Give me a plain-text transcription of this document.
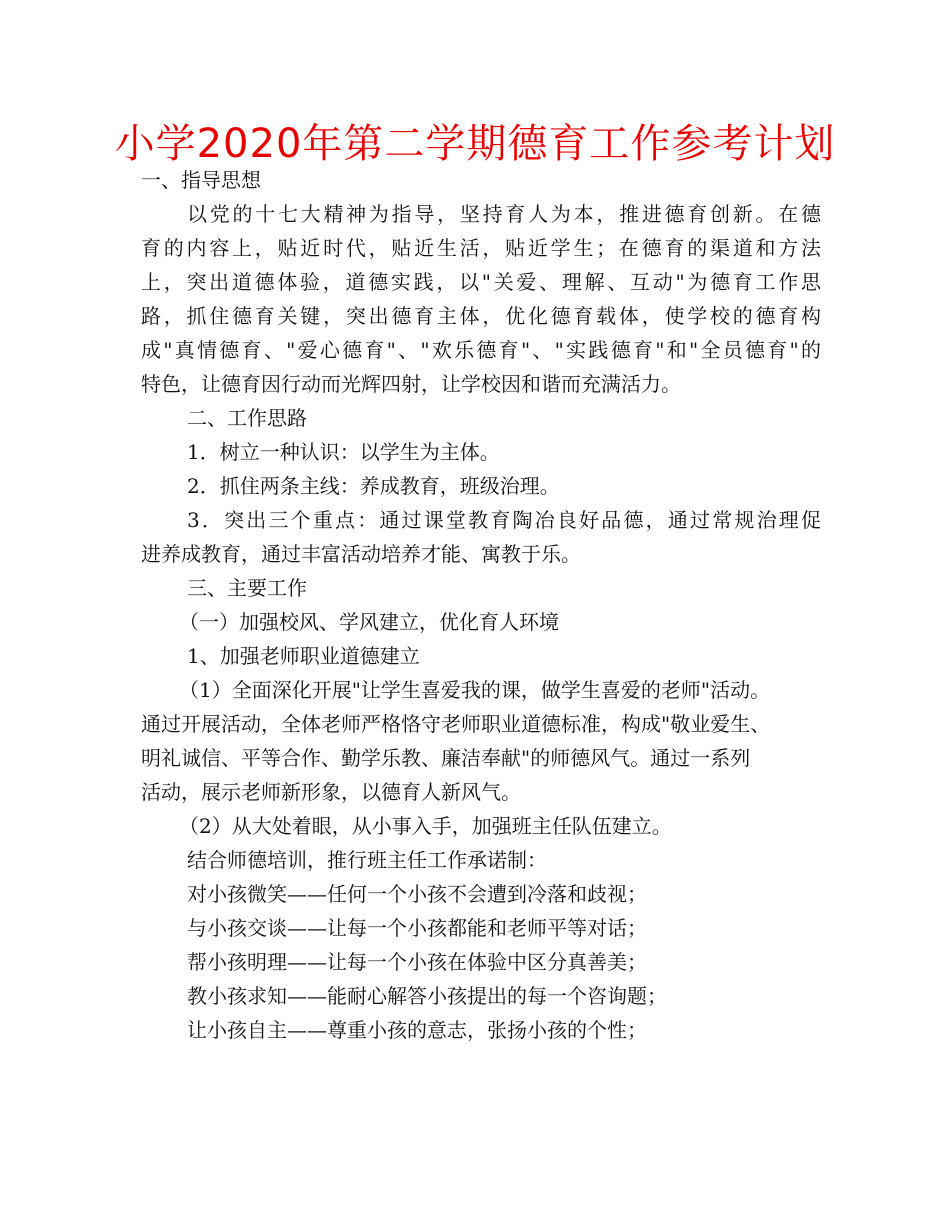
小学2020年第二学期德育工作参考计划
一、指导思想
以党的十七大精神为指导，坚持育人为本，推进德育创新。在德
育的内容上，贴近时代，贴近生活，贴近学生；在德育的渠道和方法
上，突出道德体验，道德实践，以"关爱、理解、互动"为德育工作思
路，抓住德育关键，突出德育主体，优化德育载体，使学校的德育构
成"真情德育、"爱心德育"、"欢乐德育"、"实践德育"和"全员德育"的
特色，让德育因行动而光辉四射，让学校因和谐而充满活力。
二、工作思路
1．树立一种认识：以学生为主体。
2．抓住两条主线：养成教育，班级治理。
3．突出三个重点：通过课堂教育陶冶良好品德，通过常规治理促
进养成教育，通过丰富活动培养才能、寓教于乐。
三、主要工作
（一）加强校风、学风建立，优化育人环境
1、加强老师职业道德建立
（1）全面深化开展"让学生喜爱我的课，做学生喜爱的老师"活动。
通过开展活动，全体老师严格恪守老师职业道德标准，构成"敬业爱生、
明礼诚信、平等合作、勤学乐教、廉洁奉献"的师德风气。通过一系列
活动，展示老师新形象，以德育人新风气。
（2）从大处着眼，从小事入手，加强班主任队伍建立。
结合师德培训，推行班主任工作承诺制：
对小孩微笑——任何一个小孩不会遭到冷落和歧视；
与小孩交谈——让每一个小孩都能和老师平等对话；
帮小孩明理——让每一个小孩在体验中区分真善美；
教小孩求知——能耐心解答小孩提出的每一个咨询题；
让小孩自主——尊重小孩的意志，张扬小孩的个性；
